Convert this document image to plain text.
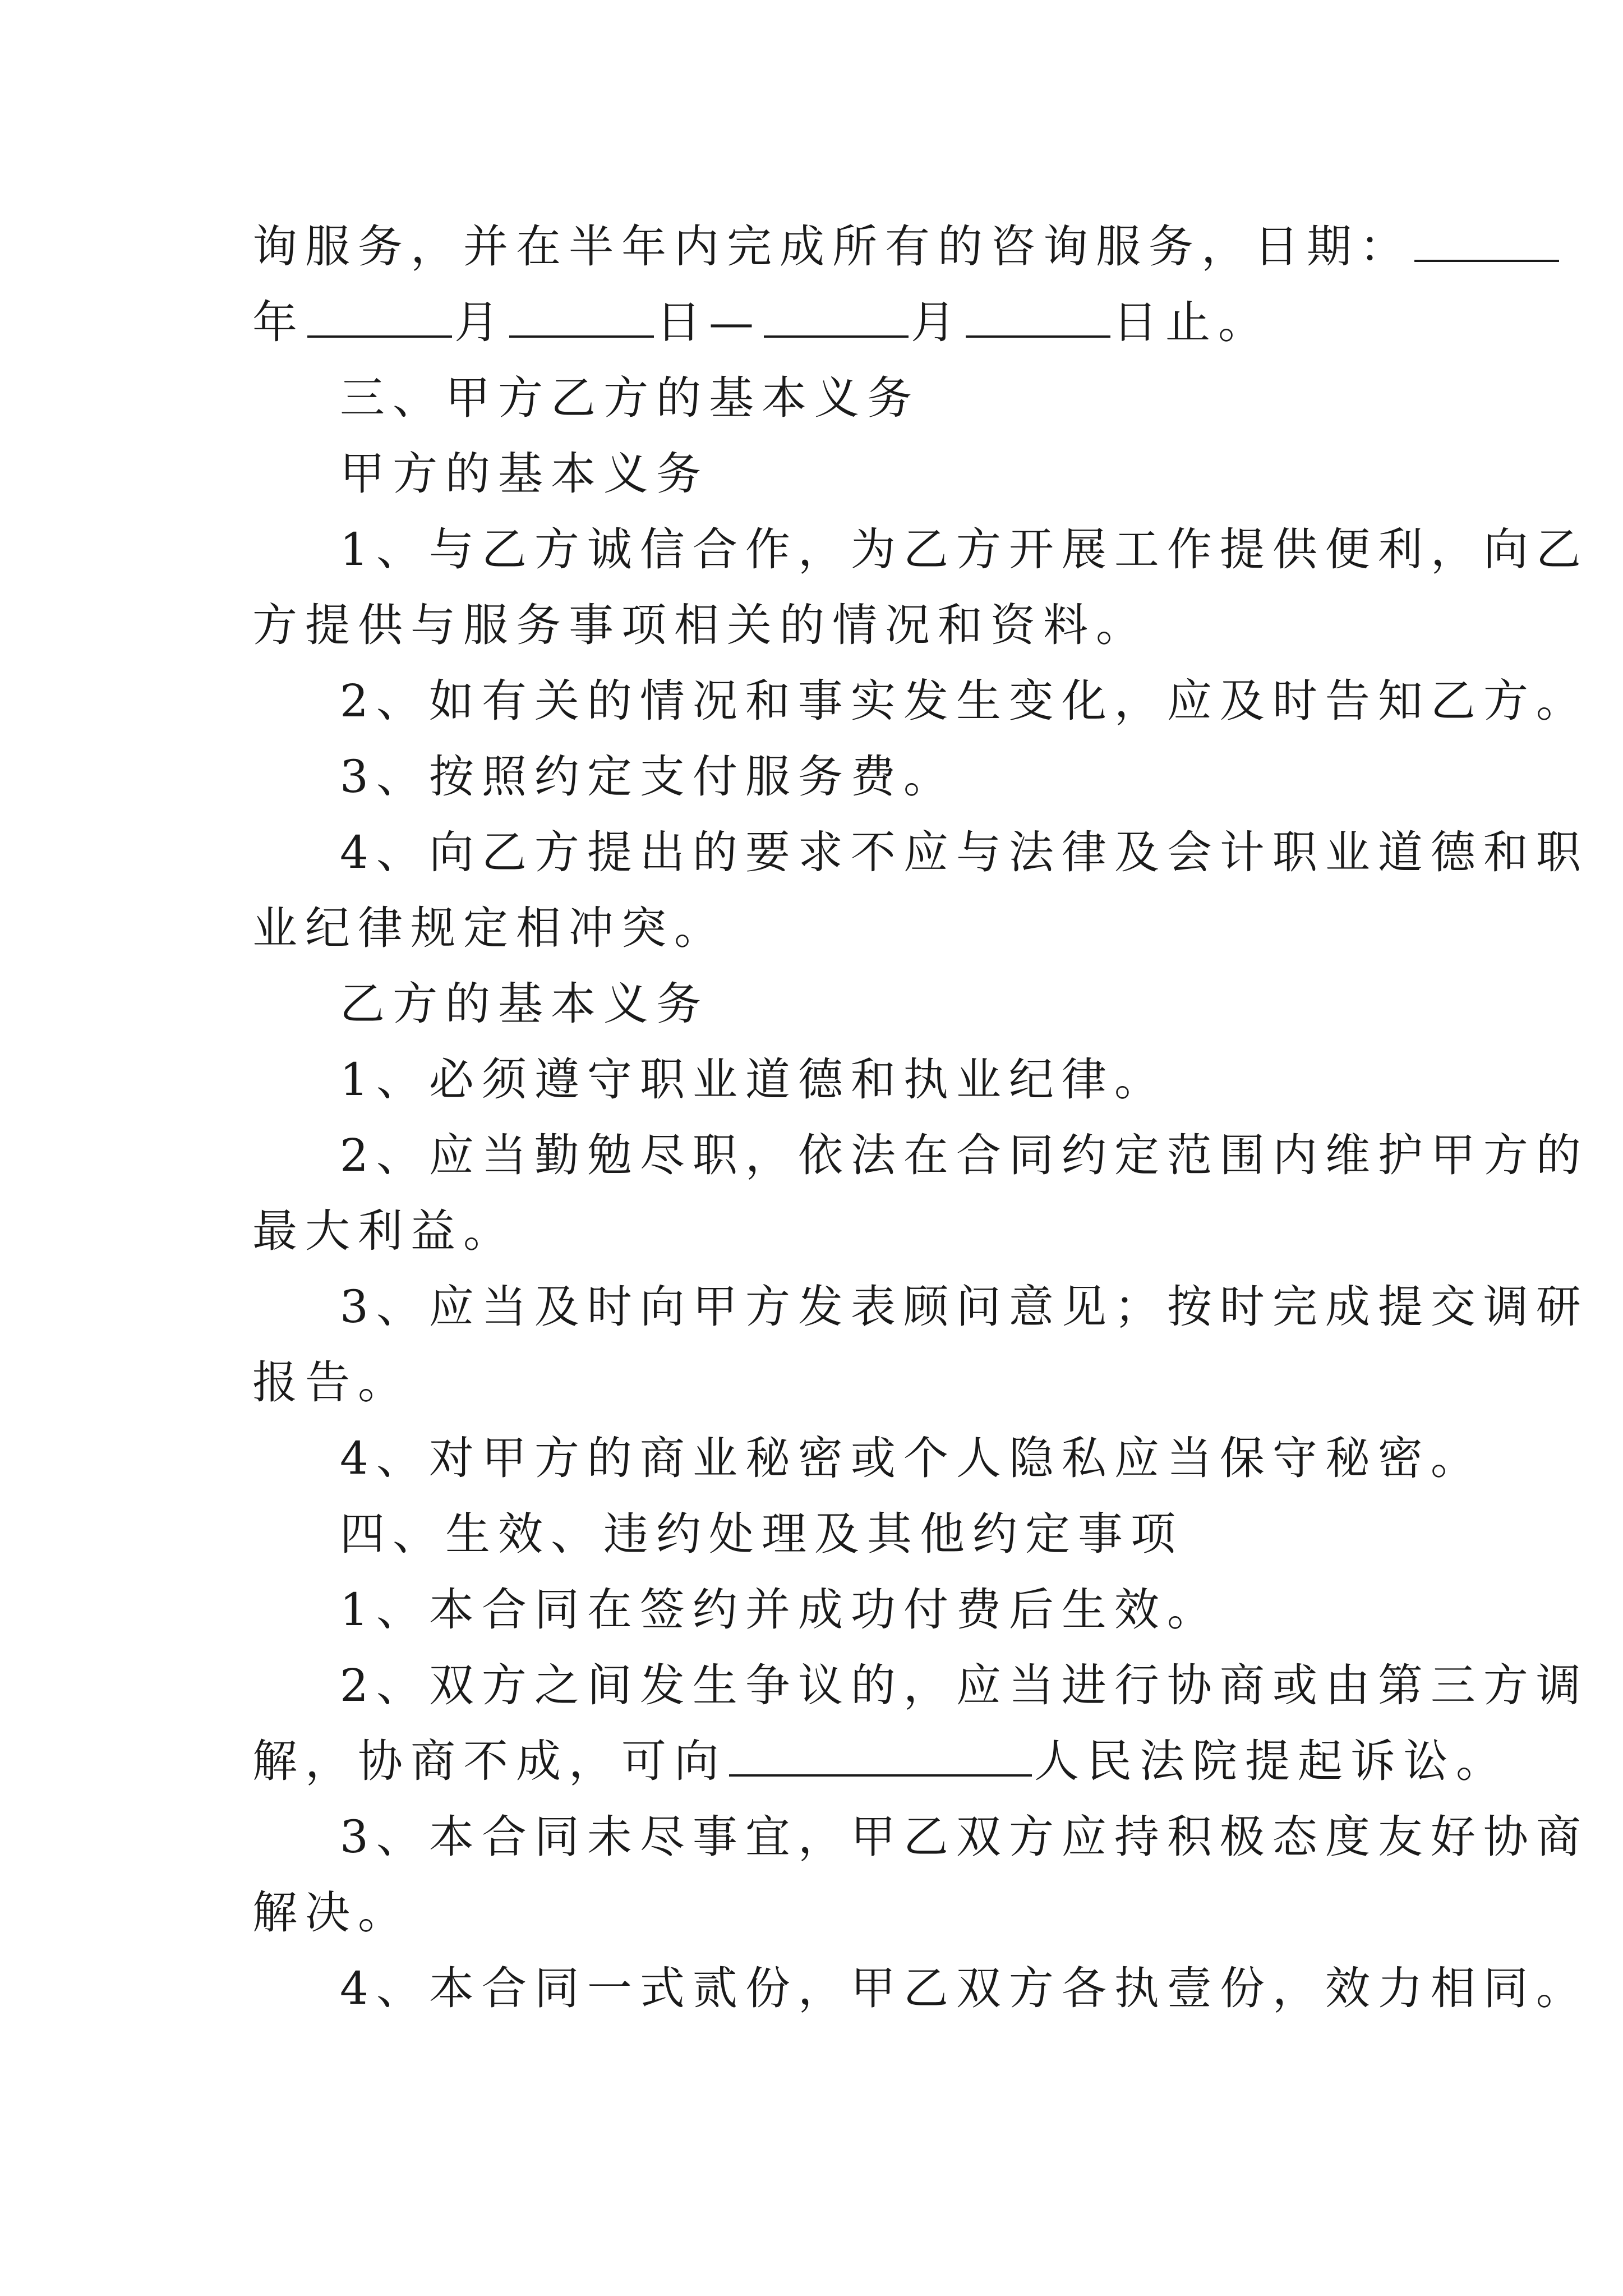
询服务，并在半年内完成所有的咨询服务，日期：
年	月	日—	月	日止。
三、甲方乙方的基本义务
甲方的基本义务
1、与乙方诚信合作，为乙方开展工作提供便利，向乙
方提供与服务事项相关的情况和资料。
2、如有关的情况和事实发生变化，应及时告知乙方。
3、按照约定支付服务费。
4、向乙方提出的要求不应与法律及会计职业道德和职
业纪律规定相冲突。
乙方的基本义务
1、必须遵守职业道德和执业纪律。
2、应当勤勉尽职，依法在合同约定范围内维护甲方的
最大利益。
3、应当及时向甲方发表顾问意见；按时完成提交调研
报告。
4、对甲方的商业秘密或个人隐私应当保守秘密。
四、生效、违约处理及其他约定事项
1、本合同在签约并成功付费后生效。
2、双方之间发生争议的，应当进行协商或由第三方调
解，协商不成，可向	人民法院提起诉讼。
3、本合同未尽事宜，甲乙双方应持积极态度友好协商
解决。
4、本合同一式贰份，甲乙双方各执壹份，效力相同。
